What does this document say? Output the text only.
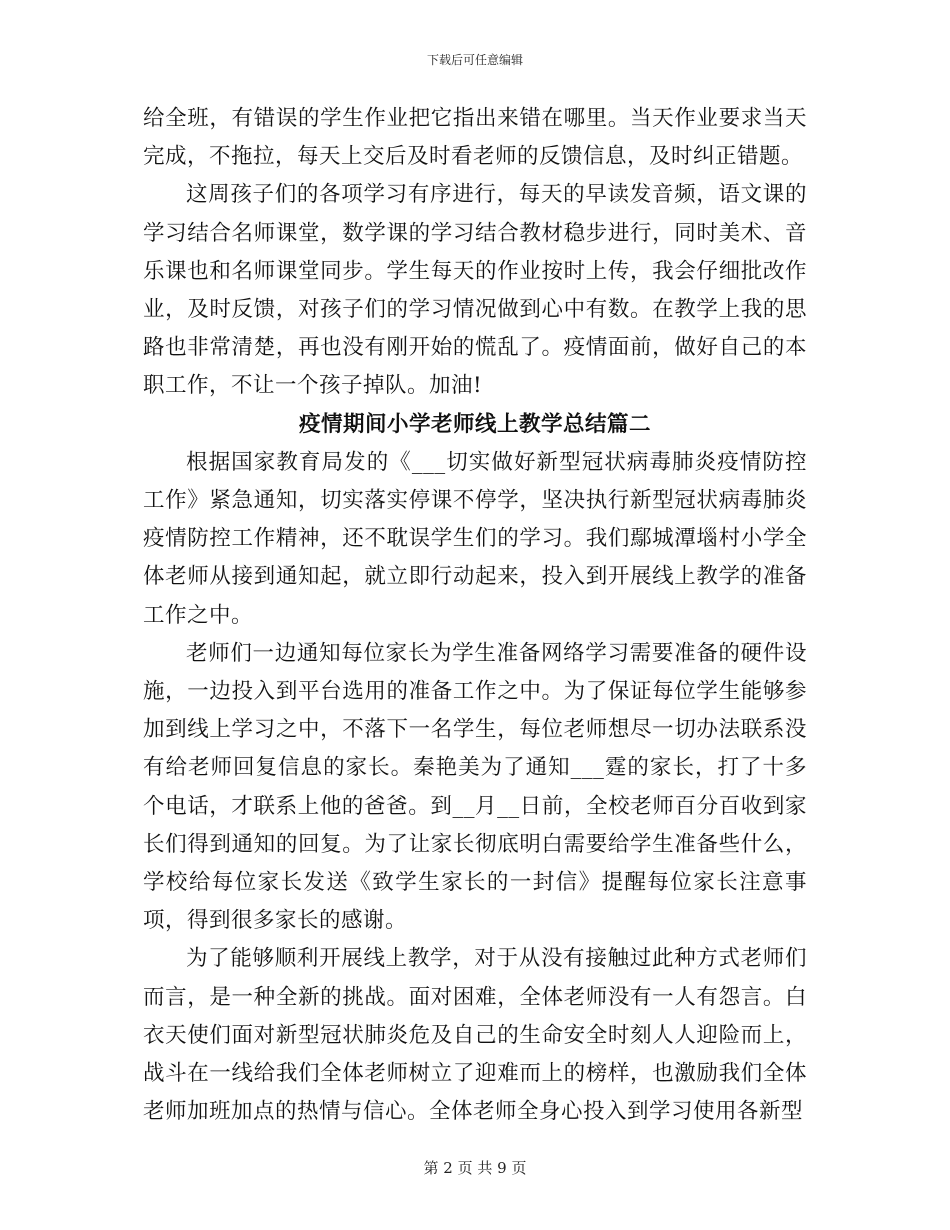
下载后可任意编辑

给全班，有错误的学生作业把它指出来错在哪里。当天作业要求当天完成，不拖拉，每天上交后及时看老师的反馈信息，及时纠正错题。

这周孩子们的各项学习有序进行，每天的早读发音频，语文课的学习结合名师课堂，数学课的学习结合教材稳步进行，同时美术、音乐课也和名师课堂同步。学生每天的作业按时上传，我会仔细批改作业，及时反馈，对孩子们的学习情况做到心中有数。在教学上我的思路也非常清楚，再也没有刚开始的慌乱了。疫情面前，做好自己的本职工作，不让一个孩子掉队。加油!

疫情期间小学老师线上教学总结篇二

根据国家教育局发的《___切实做好新型冠状病毒肺炎疫情防控工作》紧急通知，切实落实停课不停学，坚决执行新型冠状病毒肺炎疫情防控工作精神，还不耽误学生们的学习。我们鄢城潭堖村小学全体老师从接到通知起，就立即行动起来，投入到开展线上教学的准备工作之中。

老师们一边通知每位家长为学生准备网络学习需要准备的硬件设施，一边投入到平台选用的准备工作之中。为了保证每位学生能够参加到线上学习之中，不落下一名学生，每位老师想尽一切办法联系没有给老师回复信息的家长。秦艳美为了通知___霆的家长，打了十多个电话，才联系上他的爸爸。到__月__日前，全校老师百分百收到家长们得到通知的回复。为了让家长彻底明白需要给学生准备些什么，学校给每位家长发送《致学生家长的一封信》提醒每位家长注意事项，得到很多家长的感谢。

为了能够顺利开展线上教学，对于从没有接触过此种方式老师们而言，是一种全新的挑战。面对困难，全体老师没有一人有怨言。白衣天使们面对新型冠状肺炎危及自己的生命安全时刻人人迎险而上，战斗在一线给我们全体老师树立了迎难而上的榜样，也激励我们全体老师加班加点的热情与信心。全体老师全身心投入到学习使用各新型

第 2 页 共 9 页
